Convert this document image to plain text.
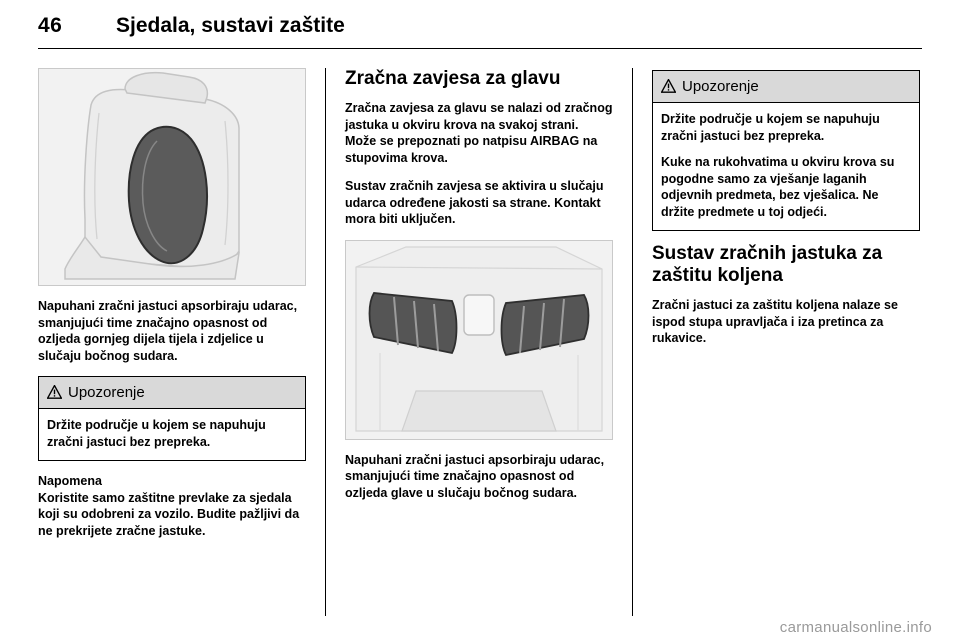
46	Sjedala, sustavi zaštite

Napuhani zračni jastuci apsorbiraju udarac, smanjujući time značajno opasnost od ozljeda gornjeg dijela tijela i zdjelice u slučaju bočnog sudara.

Upozorenje

Držite područje u kojem se napuhuju zračni jastuci bez prepreka.

Napomena

Koristite samo zaštitne prevlake za sjedala koji su odobreni za vozilo. Budite pažljivi da ne prekrijete zračne jastuke.

Zračna zavjesa za glavu

Zračna zavjesa za glavu se nalazi od zračnog jastuka u okviru krova na svakoj strani. Može se prepoznati po natpisu AIRBAG na stupovima krova.

Sustav zračnih zavjesa se aktivira u slučaju udarca određene jakosti sa strane. Kontakt mora biti uključen.

Napuhani zračni jastuci apsorbiraju udarac, smanjujući time značajno opasnost od ozljeda glave u slučaju bočnog sudara.

Upozorenje

Držite područje u kojem se napuhuju zračni jastuci bez prepreka.

Kuke na rukohvatima u okviru krova su pogodne samo za vješanje laganih odjevnih predmeta, bez vješalica. Ne držite predmete u toj odjeći.

Sustav zračnih jastuka za zaštitu koljena

Zračni jastuci za zaštitu koljena nalaze se ispod stupa upravljača i iza pretinca za rukavice.

carmanualsonline.info
